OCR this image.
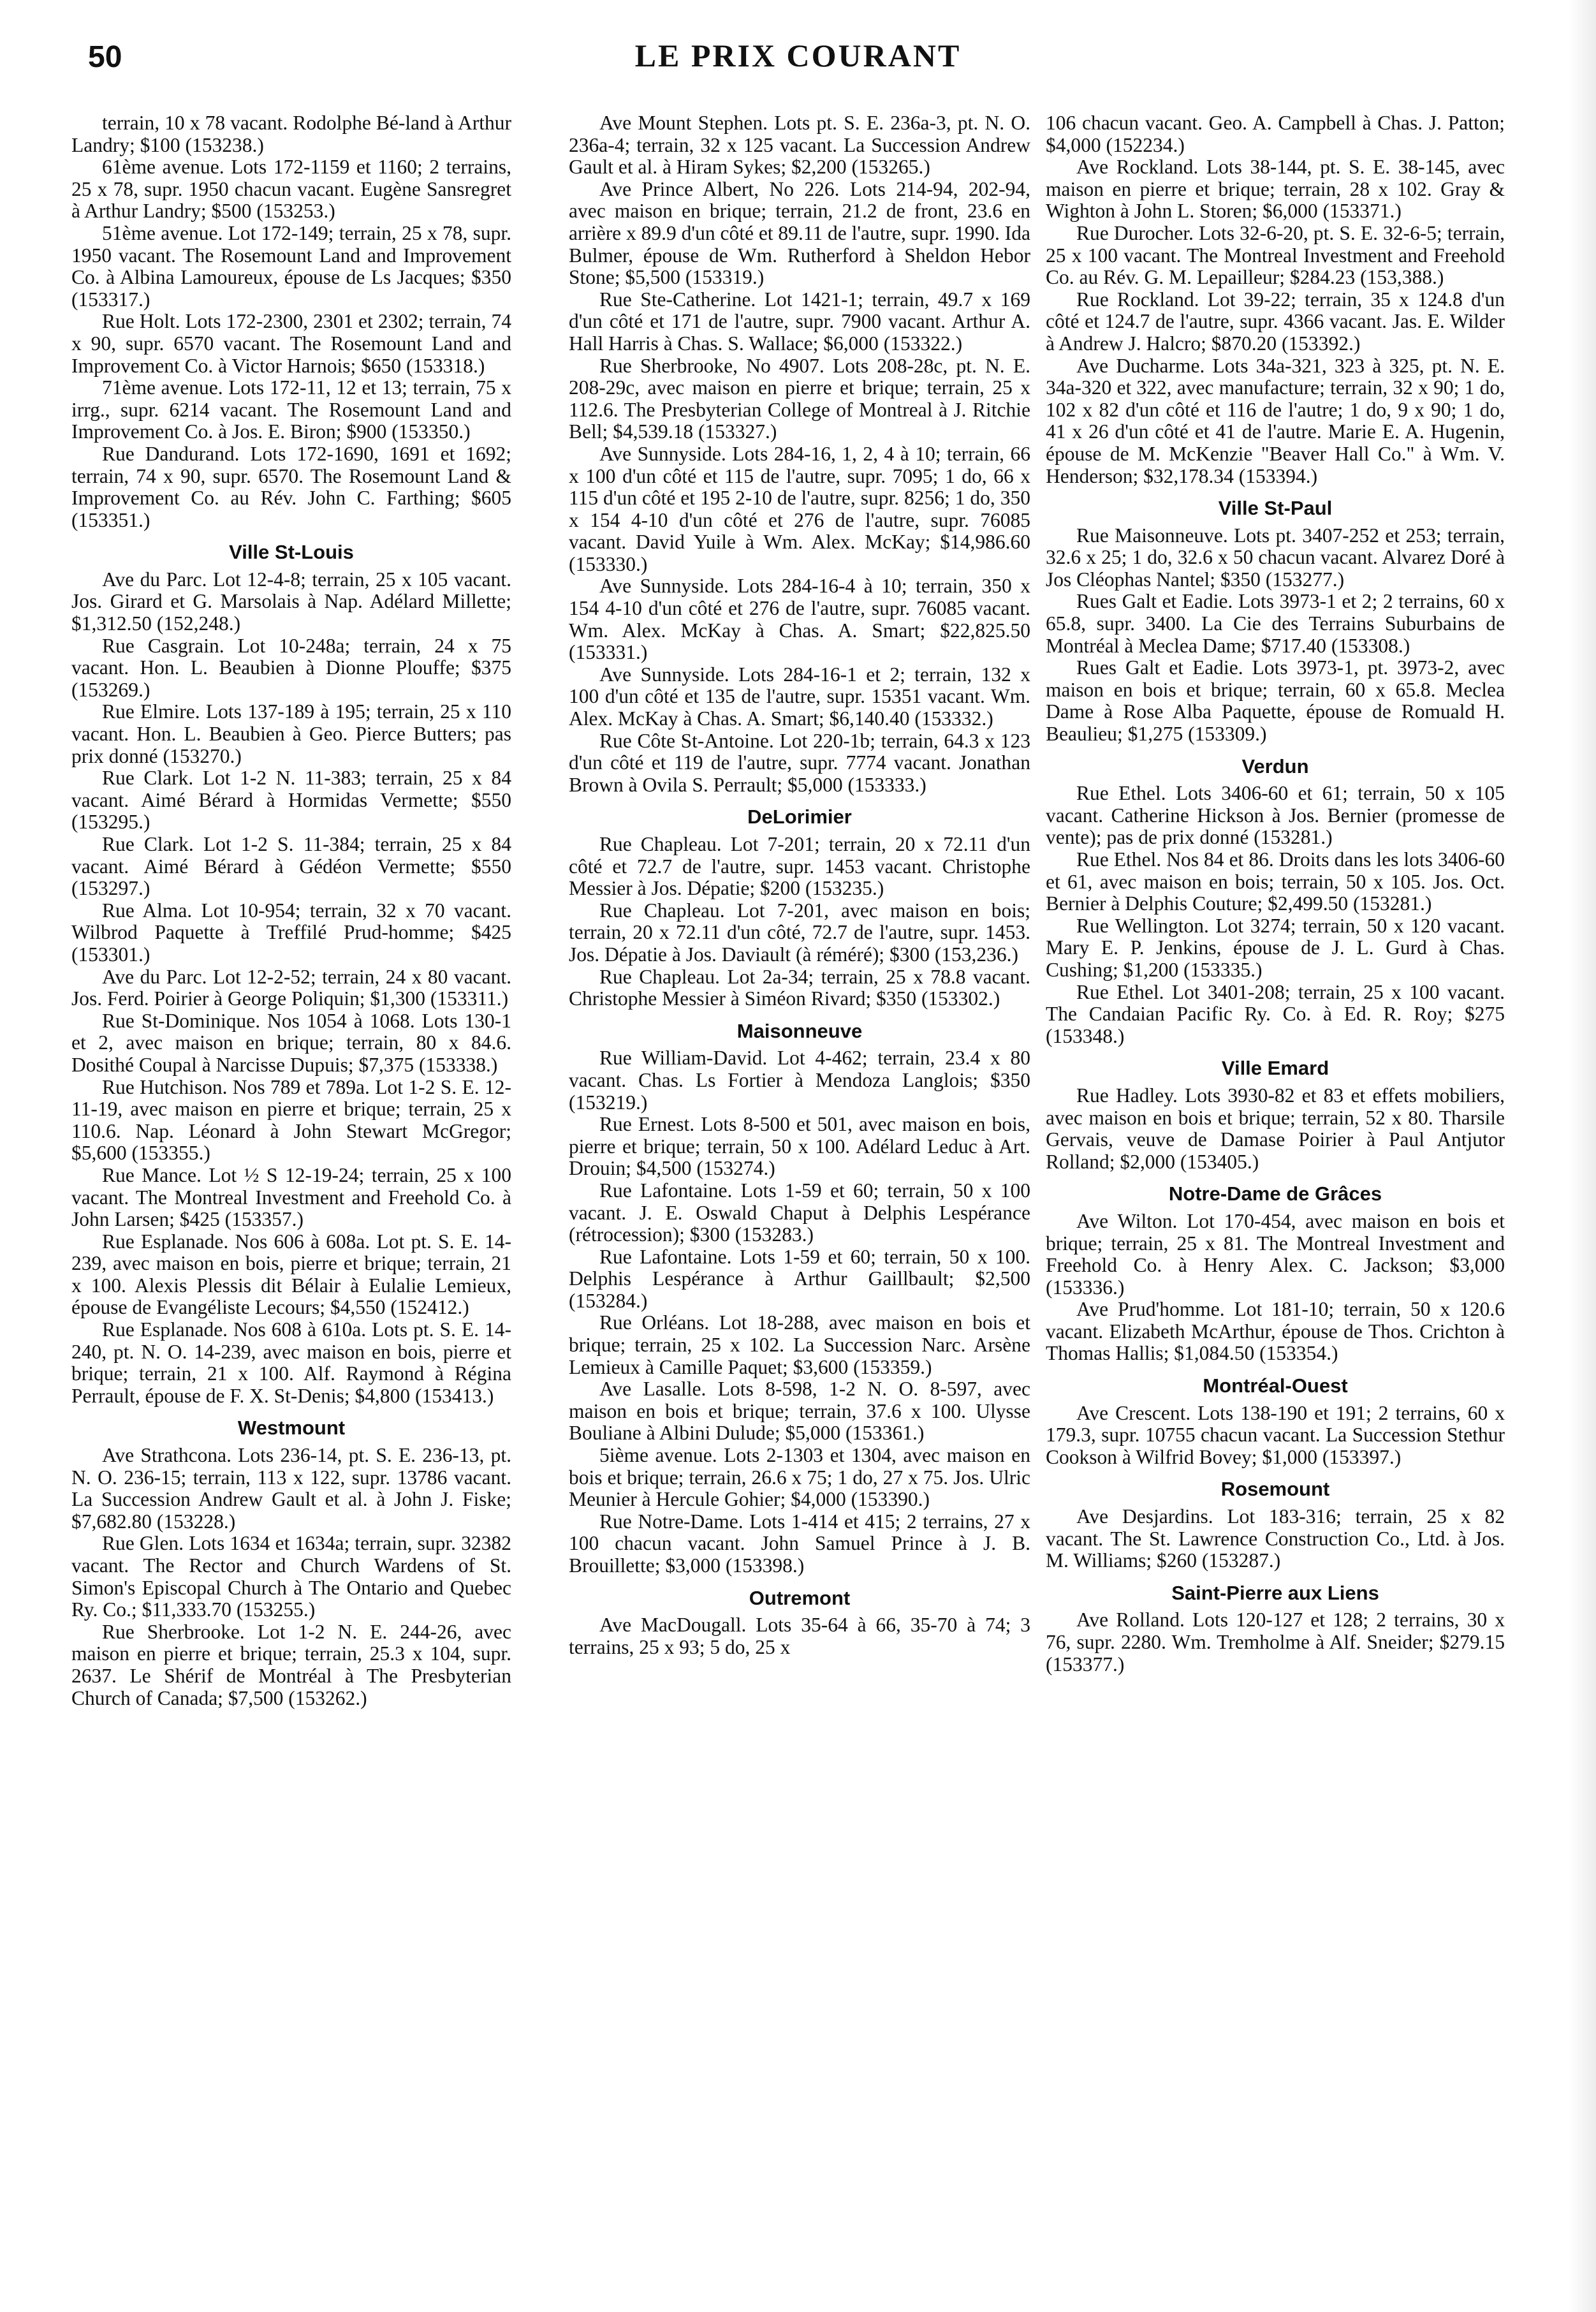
50	LE PRIX COURANT

terrain, 10 x 78 vacant. Rodolphe Bé-land à Arthur Landry; $100 (153238.)

61ème avenue. Lots 172-1159 et 1160; 2 terrains, 25 x 78, supr. 1950 chacun vacant. Eugène Sansregret à Arthur Landry; $500 (153253.)

51ème avenue. Lot 172-149; terrain, 25 x 78, supr. 1950 vacant. The Rosemount Land and Improvement Co. à Albina Lamoureux, épouse de Ls Jacques; $350 (153317.)

Rue Holt. Lots 172-2300, 2301 et 2302; terrain, 74 x 90, supr. 6570 vacant. The Rosemount Land and Improvement Co. à Victor Harnois; $650 (153318.)

71ème avenue. Lots 172-11, 12 et 13; terrain, 75 x irrg., supr. 6214 vacant. The Rosemount Land and Improvement Co. à Jos. E. Biron; $900 (153350.)

Rue Dandurand. Lots 172-1690, 1691 et 1692; terrain, 74 x 90, supr. 6570. The Rosemount Land & Improvement Co. au Rév. John C. Farthing; $605 (153351.)

Ville St-Louis

Ave du Parc. Lot 12-4-8; terrain, 25 x 105 vacant. Jos. Girard et G. Marsolais à Nap. Adélard Millette; $1,312.50 (152,248.)

Rue Casgrain. Lot 10-248a; terrain, 24 x 75 vacant. Hon. L. Beaubien à Dionne Plouffe; $375 (153269.)

Rue Elmire. Lots 137-189 à 195; terrain, 25 x 110 vacant. Hon. L. Beaubien à Geo. Pierce Butters; pas prix donné (153270.)

Rue Clark. Lot 1-2 N. 11-383; terrain, 25 x 84 vacant. Aimé Bérard à Hormidas Vermette; $550 (153295.)

Rue Clark. Lot 1-2 S. 11-384; terrain, 25 x 84 vacant. Aimé Bérard à Gédéon Vermette; $550 (153297.)

Rue Alma. Lot 10-954; terrain, 32 x 70 vacant. Wilbrod Paquette à Treffilé Prud-homme; $425 (153301.)

Ave du Parc. Lot 12-2-52; terrain, 24 x 80 vacant. Jos. Ferd. Poirier à George Poliquin; $1,300 (153311.)

Rue St-Dominique. Nos 1054 à 1068. Lots 130-1 et 2, avec maison en brique; terrain, 80 x 84.6. Dosithé Coupal à Narcisse Dupuis; $7,375 (153338.)

Rue Hutchison. Nos 789 et 789a. Lot 1-2 S. E. 12-11-19, avec maison en pierre et brique; terrain, 25 x 110.6. Nap. Léonard à John Stewart McGregor; $5,600 (153355.)

Rue Mance. Lot ½ S 12-19-24; terrain, 25 x 100 vacant. The Montreal Investment and Freehold Co. à John Larsen; $425 (153357.)

Rue Esplanade. Nos 606 à 608a. Lot pt. S. E. 14-239, avec maison en bois, pierre et brique; terrain, 21 x 100. Alexis Plessis dit Bélair à Eulalie Lemieux, épouse de Evangéliste Lecours; $4,550 (152412.)

Rue Esplanade. Nos 608 à 610a. Lots pt. S. E. 14-240, pt. N. O. 14-239, avec maison en bois, pierre et brique; terrain, 21 x 100. Alf. Raymond à Régina Perrault, épouse de F. X. St-Denis; $4,800 (153413.)

Westmount

Ave Strathcona. Lots 236-14, pt. S. E. 236-13, pt. N. O. 236-15; terrain, 113 x 122, supr. 13786 vacant. La Succession Andrew Gault et al. à John J. Fiske; $7,682.80 (153228.)

Rue Glen. Lots 1634 et 1634a; terrain, supr. 32382 vacant. The Rector and Church Wardens of St. Simon's Episcopal Church à The Ontario and Quebec Ry. Co.; $11,333.70 (153255.)

Rue Sherbrooke. Lot 1-2 N. E. 244-26, avec maison en pierre et brique; terrain, 25.3 x 104, supr. 2637. Le Shérif de Montréal à The Presbyterian Church of Canada; $7,500 (153262.)

Ave Mount Stephen. Lots pt. S. E. 236a-3, pt. N. O. 236a-4; terrain, 32 x 125 vacant. La Succession Andrew Gault et al. à Hiram Sykes; $2,200 (153265.)

Ave Prince Albert, No 226. Lots 214-94, 202-94, avec maison en brique; terrain, 21.2 de front, 23.6 en arrière x 89.9 d'un côté et 89.11 de l'autre, supr. 1990. Ida Bulmer, épouse de Wm. Rutherford à Sheldon Hebor Stone; $5,500 (153319.)

Rue Ste-Catherine. Lot 1421-1; terrain, 49.7 x 169 d'un côté et 171 de l'autre, supr. 7900 vacant. Arthur A. Hall Harris à Chas. S. Wallace; $6,000 (153322.)

Rue Sherbrooke, No 4907. Lots 208-28c, pt. N. E. 208-29c, avec maison en pierre et brique; terrain, 25 x 112.6. The Presbyterian College of Montreal à J. Ritchie Bell; $4,539.18 (153327.)

Ave Sunnyside. Lots 284-16, 1, 2, 4 à 10; terrain, 66 x 100 d'un côté et 115 de l'autre, supr. 7095; 1 do, 66 x 115 d'un côté et 195 2-10 de l'autre, supr. 8256; 1 do, 350 x 154 4-10 d'un côté et 276 de l'autre, supr. 76085 vacant. David Yuile à Wm. Alex. McKay; $14,986.60 (153330.)

Ave Sunnyside. Lots 284-16-4 à 10; terrain, 350 x 154 4-10 d'un côté et 276 de l'autre, supr. 76085 vacant. Wm. Alex. McKay à Chas. A. Smart; $22,825.50 (153331.)

Ave Sunnyside. Lots 284-16-1 et 2; terrain, 132 x 100 d'un côté et 135 de l'autre, supr. 15351 vacant. Wm. Alex. McKay à Chas. A. Smart; $6,140.40 (153332.)

Rue Côte St-Antoine. Lot 220-1b; terrain, 64.3 x 123 d'un côté et 119 de l'autre, supr. 7774 vacant. Jonathan Brown à Ovila S. Perrault; $5,000 (153333.)

DeLorimier

Rue Chapleau. Lot 7-201; terrain, 20 x 72.11 d'un côté et 72.7 de l'autre, supr. 1453 vacant. Christophe Messier à Jos. Dépatie; $200 (153235.)

Rue Chapleau. Lot 7-201, avec maison en bois; terrain, 20 x 72.11 d'un côté, 72.7 de l'autre, supr. 1453. Jos. Dépatie à Jos. Daviault (à réméré); $300 (153,236.)

Rue Chapleau. Lot 2a-34; terrain, 25 x 78.8 vacant. Christophe Messier à Siméon Rivard; $350 (153302.)

Maisonneuve

Rue William-David. Lot 4-462; terrain, 23.4 x 80 vacant. Chas. Ls Fortier à Mendoza Langlois; $350 (153219.)

Rue Ernest. Lots 8-500 et 501, avec maison en bois, pierre et brique; terrain, 50 x 100. Adélard Leduc à Art. Drouin; $4,500 (153274.)

Rue Lafontaine. Lots 1-59 et 60; terrain, 50 x 100 vacant. J. E. Oswald Chaput à Delphis Lespérance (rétrocession); $300 (153283.)

Rue Lafontaine. Lots 1-59 et 60; terrain, 50 x 100. Delphis Lespérance à Arthur Gaillbault; $2,500 (153284.)

Rue Orléans. Lot 18-288, avec maison en bois et brique; terrain, 25 x 102. La Succession Narc. Arsène Lemieux à Camille Paquet; $3,600 (153359.)

Ave Lasalle. Lots 8-598, 1-2 N. O. 8-597, avec maison en bois et brique; terrain, 37.6 x 100. Ulysse Bouliane à Albini Dulude; $5,000 (153361.)

5ième avenue. Lots 2-1303 et 1304, avec maison en bois et brique; terrain, 26.6 x 75; 1 do, 27 x 75. Jos. Ulric Meunier à Hercule Gohier; $4,000 (153390.)

Rue Notre-Dame. Lots 1-414 et 415; 2 terrains, 27 x 100 chacun vacant. John Samuel Prince à J. B. Brouillette; $3,000 (153398.)

Outremont

Ave MacDougall. Lots 35-64 à 66, 35-70 à 74; 3 terrains, 25 x 93; 5 do, 25 x

106 chacun vacant. Geo. A. Campbell à Chas. J. Patton; $4,000 (152234.)

Ave Rockland. Lots 38-144, pt. S. E. 38-145, avec maison en pierre et brique; terrain, 28 x 102. Gray & Wighton à John L. Storen; $6,000 (153371.)

Rue Durocher. Lots 32-6-20, pt. S. E. 32-6-5; terrain, 25 x 100 vacant. The Montreal Investment and Freehold Co. au Rév. G. M. Lepailleur; $284.23 (153,388.)

Rue Rockland. Lot 39-22; terrain, 35 x 124.8 d'un côté et 124.7 de l'autre, supr. 4366 vacant. Jas. E. Wilder à Andrew J. Halcro; $870.20 (153392.)

Ave Ducharme. Lots 34a-321, 323 à 325, pt. N. E. 34a-320 et 322, avec manufacture; terrain, 32 x 90; 1 do, 102 x 82 d'un côté et 116 de l'autre; 1 do, 9 x 90; 1 do, 41 x 26 d'un côté et 41 de l'autre. Marie E. A. Hugenin, épouse de M. McKenzie "Beaver Hall Co." à Wm. V. Henderson; $32,178.34 (153394.)

Ville St-Paul

Rue Maisonneuve. Lots pt. 3407-252 et 253; terrain, 32.6 x 25; 1 do, 32.6 x 50 chacun vacant. Alvarez Doré à Jos Cléophas Nantel; $350 (153277.)

Rues Galt et Eadie. Lots 3973-1 et 2; 2 terrains, 60 x 65.8, supr. 3400. La Cie des Terrains Suburbains de Montréal à Meclea Dame; $717.40 (153308.)

Rues Galt et Eadie. Lots 3973-1, pt. 3973-2, avec maison en bois et brique; terrain, 60 x 65.8. Meclea Dame à Rose Alba Paquette, épouse de Romuald H. Beaulieu; $1,275 (153309.)

Verdun

Rue Ethel. Lots 3406-60 et 61; terrain, 50 x 105 vacant. Catherine Hickson à Jos. Bernier (promesse de vente); pas de prix donné (153281.)

Rue Ethel. Nos 84 et 86. Droits dans les lots 3406-60 et 61, avec maison en bois; terrain, 50 x 105. Jos. Oct. Bernier à Delphis Couture; $2,499.50 (153281.)

Rue Wellington. Lot 3274; terrain, 50 x 120 vacant. Mary E. P. Jenkins, épouse de J. L. Gurd à Chas. Cushing; $1,200 (153335.)

Rue Ethel. Lot 3401-208; terrain, 25 x 100 vacant. The Candaian Pacific Ry. Co. à Ed. R. Roy; $275 (153348.)

Ville Emard

Rue Hadley. Lots 3930-82 et 83 et effets mobiliers, avec maison en bois et brique; terrain, 52 x 80. Tharsile Gervais, veuve de Damase Poirier à Paul Antjutor Rolland; $2,000 (153405.)

Notre-Dame de Grâces

Ave Wilton. Lot 170-454, avec maison en bois et brique; terrain, 25 x 81. The Montreal Investment and Freehold Co. à Henry Alex. C. Jackson; $3,000 (153336.)

Ave Prud'homme. Lot 181-10; terrain, 50 x 120.6 vacant. Elizabeth McArthur, épouse de Thos. Crichton à Thomas Hallis; $1,084.50 (153354.)

Montréal-Ouest

Ave Crescent. Lots 138-190 et 191; 2 terrains, 60 x 179.3, supr. 10755 chacun vacant. La Succession Stethur Cookson à Wilfrid Bovey; $1,000 (153397.)

Rosemount

Ave Desjardins. Lot 183-316; terrain, 25 x 82 vacant. The St. Lawrence Construction Co., Ltd. à Jos. M. Williams; $260 (153287.)

Saint-Pierre aux Liens

Ave Rolland. Lots 120-127 et 128; 2 terrains, 30 x 76, supr. 2280. Wm. Tremholme à Alf. Sneider; $279.15 (153377.)
